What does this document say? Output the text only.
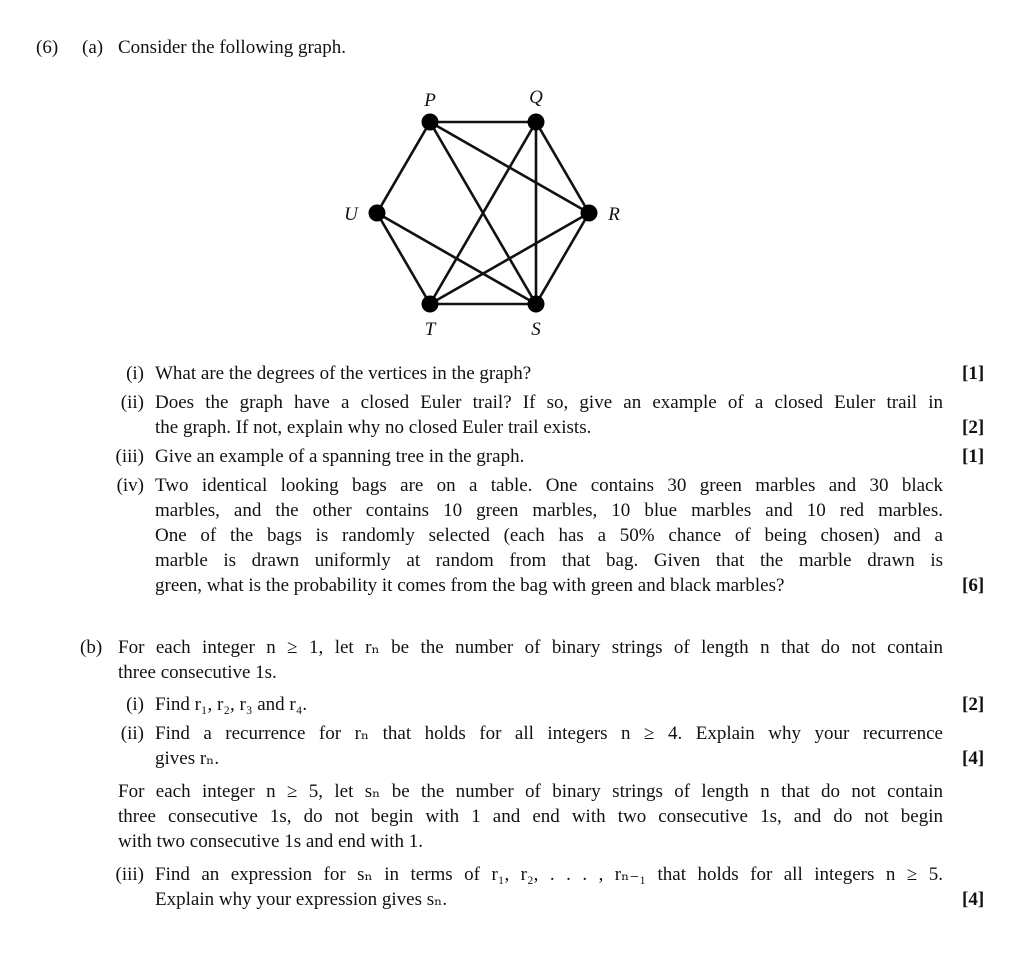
(6) (a) Consider the following graph.
P	Q
R
S
T
U
(i) What are the degrees of the vertices in the graph?	[1]
(ii) Does the graph have a closed Euler trail? If so, give an example of a closed Euler trail in
the graph. If not, explain why no closed Euler trail exists.	[2]
(iii) Give an example of a spanning tree in the graph.	[1]
(iv) Two identical looking bags are on a table. One contains 30 green marbles and 30 black
marbles, and the other contains 10 green marbles, 10 blue marbles and 10 red marbles.
One of the bags is randomly selected (each has a 50% chance of being chosen) and a
marble is drawn uniformly at random from that bag. Given that the marble drawn is
green, what is the probability it comes from the bag with green and black marbles?	[6]
(b) For each integer n ≥ 1, let rₙ be the number of binary strings of length n that do not contain
three consecutive 1s.
(i) Find r₁, r₂, r₃ and r₄.	[2]
(ii) Find a recurrence for rₙ that holds for all integers n ≥ 4. Explain why your recurrence
gives rₙ.	[4]
For each integer n ≥ 5, let sₙ be the number of binary strings of length n that do not contain
three consecutive 1s, do not begin with 1 and end with two consecutive 1s, and do not begin
with two consecutive 1s and end with 1.
(iii) Find an expression for sₙ in terms of r₁, r₂, . . . , rₙ₋₁ that holds for all integers n ≥ 5.
Explain why your expression gives sₙ.	[4]
